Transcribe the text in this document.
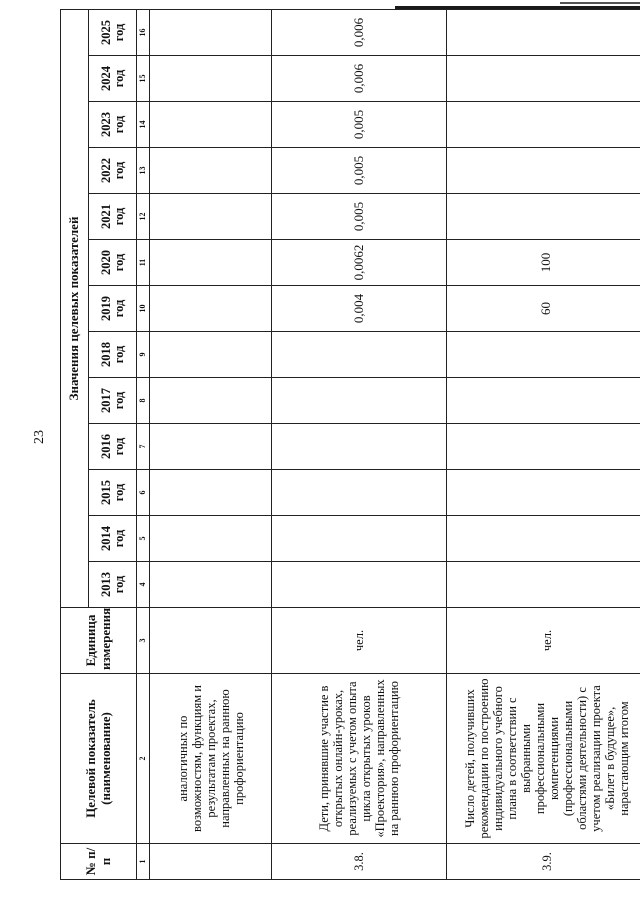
23
№ п/п	Целевой показатель (наименование)	Единица измерения	Значения целевых показателей												
			2013 год	2014 год	2015 год	2016 год	2017 год	2018 год	2019 год	2020 год	2021 год	2022 год	2023 год	2024 год	2025 год
1	2	3	4	5	6	7	8	9	10	11	12	13	14	15	16
	аналогичных по возможностям, функциям и результатам проектах, направленных на раннюю профориентацию														
3.8.	Дети, принявшие участие в открытых онлайн-уроках, реализуемых с учетом опыта цикла открытых уроков «Проектория», направленных на раннюю профориентацию	чел.							0,004	0,0062	0,005	0,005	0,005	0,006	0,006
3.9.	Число детей, получивших рекомендации по построению индивидуального учебного плана в соответствии с выбранными профессиональными компетенциями (профессиональными областями деятельности) с учетом реализации проекта «Билет в будущее», нарастающим итогом	чел.							60	100					
